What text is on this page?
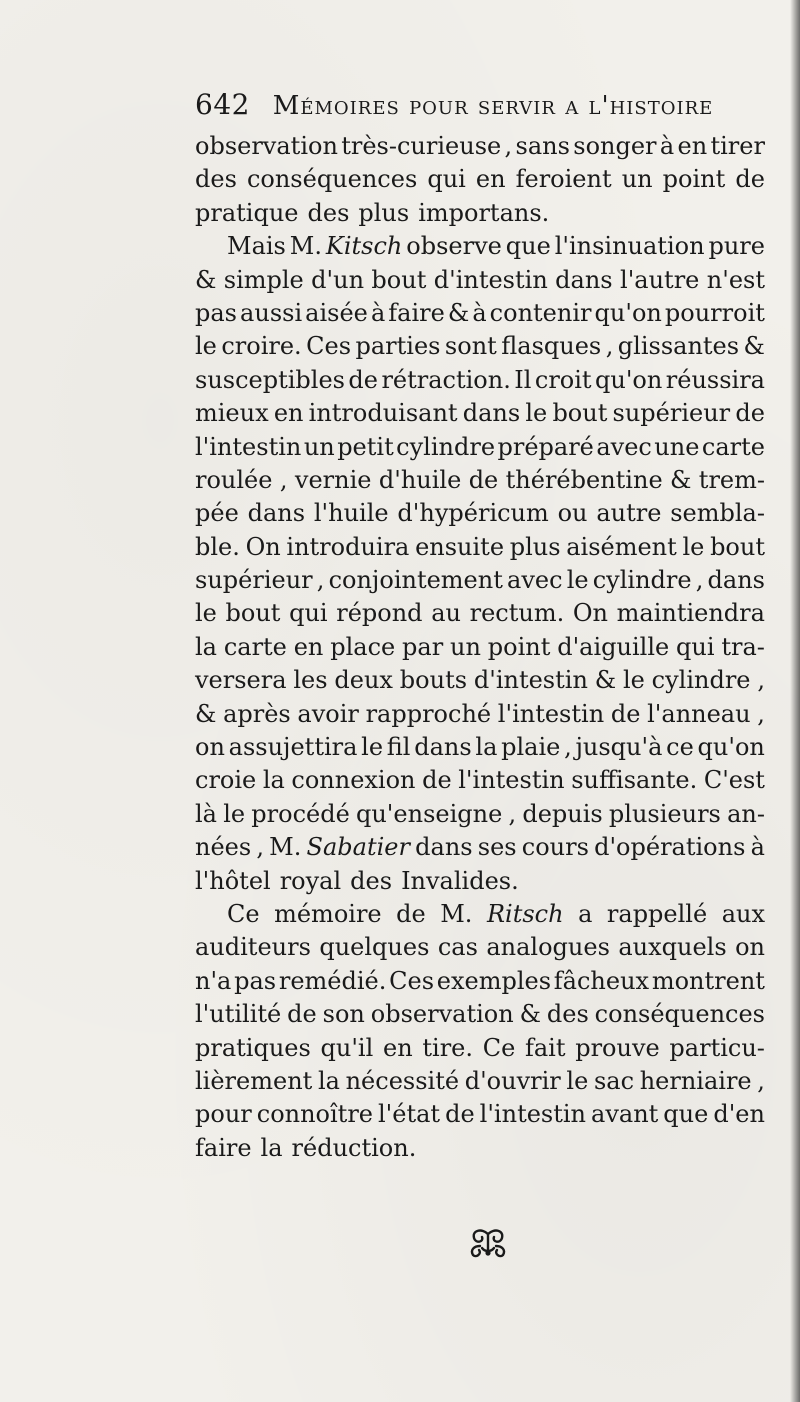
642 Mémoires pour servir a l'histoire
observation très-curieuse , sans songer à en tirer
des conséquences qui en feroient un point de
pratique des plus importans.
Mais M. Kitsch observe que l'insinuation pure
& simple d'un bout d'intestin dans l'autre n'est
pas aussi aisée à faire & à contenir qu'on pourroit
le croire. Ces parties sont flasques , glissantes &
susceptibles de rétraction. Il croit qu'on réussira
mieux en introduisant dans le bout supérieur de
l'intestin un petit cylindre préparé avec une carte
roulée , vernie d'huile de thérébentine & trem-
pée dans l'huile d'hypéricum ou autre sembla-
ble. On introduira ensuite plus aisément le bout
supérieur , conjointement avec le cylindre , dans
le bout qui répond au rectum. On maintiendra
la carte en place par un point d'aiguille qui tra-
versera les deux bouts d'intestin & le cylindre ,
& après avoir rapproché l'intestin de l'anneau ,
on assujettira le fil dans la plaie , jusqu'à ce qu'on
croie la connexion de l'intestin suffisante. C'est
là le procédé qu'enseigne , depuis plusieurs an-
nées , M. Sabatier dans ses cours d'opérations à
l'hôtel royal des Invalides.
Ce mémoire de M. Ritsch a rappellé aux
auditeurs quelques cas analogues auxquels on
n'a pas remédié. Ces exemples fâcheux montrent
l'utilité de son observation & des conséquences
pratiques qu'il en tire. Ce fait prouve particu-
lièrement la nécessité d'ouvrir le sac herniaire ,
pour connoître l'état de l'intestin avant que d'en
faire la réduction.
